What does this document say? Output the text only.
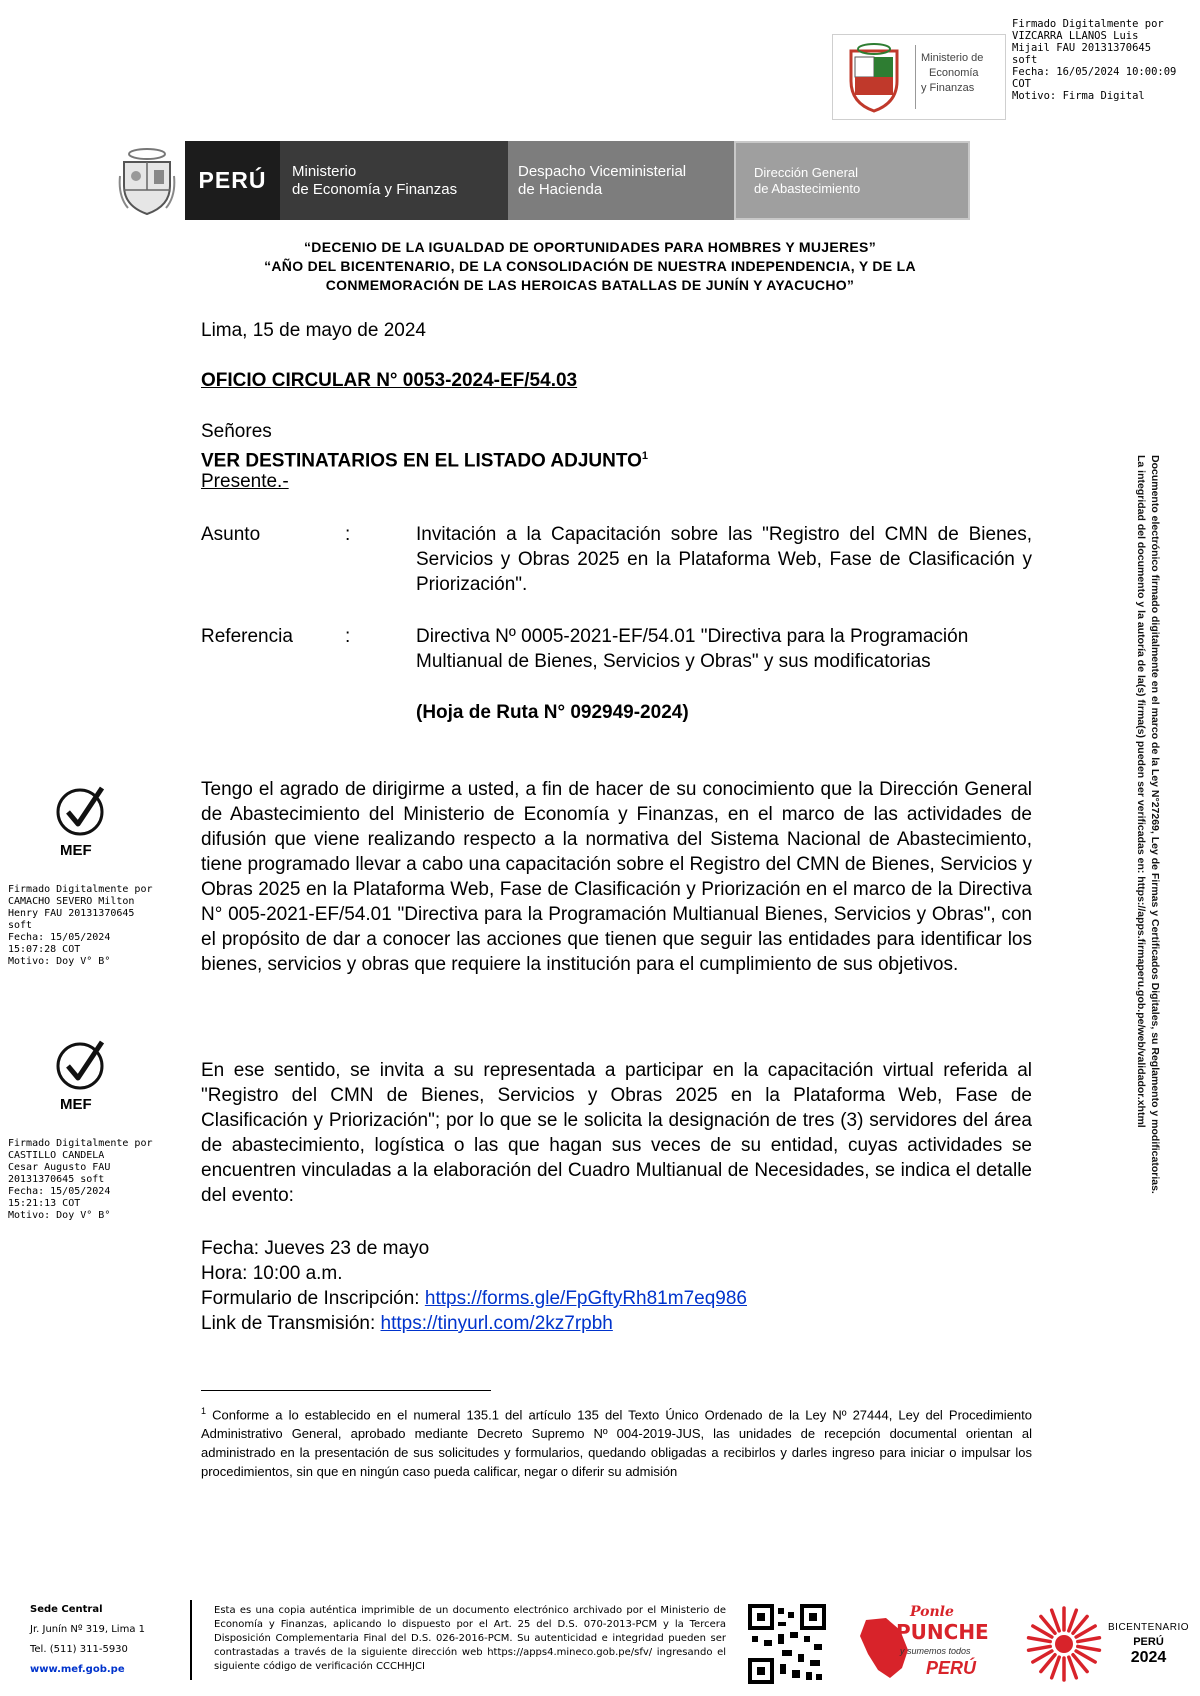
Ministerio de
Economía
y Finanzas
Firmado Digitalmente por
VIZCARRA LLANOS Luis
Mijail FAU 20131370645
soft
Fecha: 16/05/2024 10:00:09
COT
Motivo: Firma Digital
PERÚ Ministerio
de Economía y Finanzas
Despacho Viceministerial
de Hacienda
Dirección General
de Abastecimiento
“DECENIO DE LA IGUALDAD DE OPORTUNIDADES PARA HOMBRES Y MUJERES”
“AÑO DEL BICENTENARIO, DE LA CONSOLIDACIÓN DE NUESTRA INDEPENDENCIA, Y DE LA
CONMEMORACIÓN DE LAS HEROICAS BATALLAS DE JUNÍN Y AYACUCHO”
Lima, 15 de mayo de 2024
OFICIO CIRCULAR N° 0053-2024-EF/54.03
Señores
VER DESTINATARIOS EN EL LISTADO ADJUNTO$^1$
Presente.-
Asunto	:	Invitación a la Capacitación sobre las "Registro del CMN de Bienes, Servicios y Obras 2025 en la Plataforma Web, Fase de Clasificación y Priorización".
Referencia	:	Directiva Nº 0005-2021-EF/54.01 "Directiva para la Programación Multianual de Bienes, Servicios y Obras" y sus modificatorias
(Hoja de Ruta N° 092949-2024)
Tengo el agrado de dirigirme a usted, a fin de hacer de su conocimiento que la Dirección General de Abastecimiento del Ministerio de Economía y Finanzas, en el marco de las actividades de difusión que viene realizando respecto a la normativa del Sistema Nacional de Abastecimiento, tiene programado llevar a cabo una capacitación sobre el Registro del CMN de Bienes, Servicios y Obras 2025 en la Plataforma Web, Fase de Clasificación y Priorización en el marco de la Directiva N° 005-2021-EF/54.01 "Directiva para la Programación Multianual Bienes, Servicios y Obras", con el propósito de dar a conocer las acciones que tienen que seguir las entidades para identificar los bienes, servicios y obras que requiere la institución para el cumplimiento de sus objetivos.
En ese sentido, se invita a su representada a participar en la capacitación virtual referida al "Registro del CMN de Bienes, Servicios y Obras 2025 en la Plataforma Web, Fase de Clasificación y Priorización"; por lo que se le solicita la designación de tres (3) servidores del área de abastecimiento, logística o las que hagan sus veces de su entidad, cuyas actividades se encuentren vinculadas a la elaboración del Cuadro Multianual de Necesidades, se indica el detalle del evento:
Fecha: Jueves 23 de mayo
Hora: 10:00 a.m.
Formulario de Inscripción: https://forms.gle/FpGftyRh81m7eq986
Link de Transmisión: https://tinyurl.com/2kz7rpbh
$^1$ Conforme a lo establecido en el numeral 135.1 del artículo 135 del Texto Único Ordenado de la Ley Nº 27444, Ley del Procedimiento Administrativo General, aprobado mediante Decreto Supremo Nº 004-2019-JUS, las unidades de recepción documental orientan al administrado en la presentación de sus solicitudes y formularios, quedando obligadas a recibirlos y darles ingreso para iniciar o impulsar los procedimientos, sin que en ningún caso pueda calificar, negar o diferir su admisión
MEF
Firmado Digitalmente por
CAMACHO SEVERO Milton
Henry FAU 20131370645
soft
Fecha: 15/05/2024
15:07:28 COT
Motivo: Doy V° B°
MEF
Firmado Digitalmente por
CASTILLO CANDELA
Cesar Augusto FAU
20131370645 soft
Fecha: 15/05/2024
15:21:13 COT
Motivo: Doy V° B°
Documento electrónico firmado digitalmente en el marco de la Ley N°27269, Ley de Firmas y Certificados Digitales, su Reglamento y modificatorias.
La integridad del documento y la autoría de la(s) firma(s) pueden ser verificadas en: https://apps.firmaperu.gob.pe/web/validador.xhtml
Sede Central
Jr. Junín Nº 319, Lima 1
Tel. (511) 311-5930
www.mef.gob.pe
Esta es una copia auténtica imprimible de un documento electrónico archivado por el Ministerio de Economía y Finanzas, aplicando lo dispuesto por el Art. 25 del D.S. 070-2013-PCM y la Tercera Disposición Complementaria Final del D.S. 026-2016-PCM. Su autenticidad e integridad pueden ser contrastadas a través de la siguiente dirección web https://apps4.mineco.gob.pe/sfv/ ingresando el siguiente código de verificación CCCHHJCI
Ponle
PUNCHE
y sumemos todos
PERÚ
BICENTENARIO
PERÚ
2024
